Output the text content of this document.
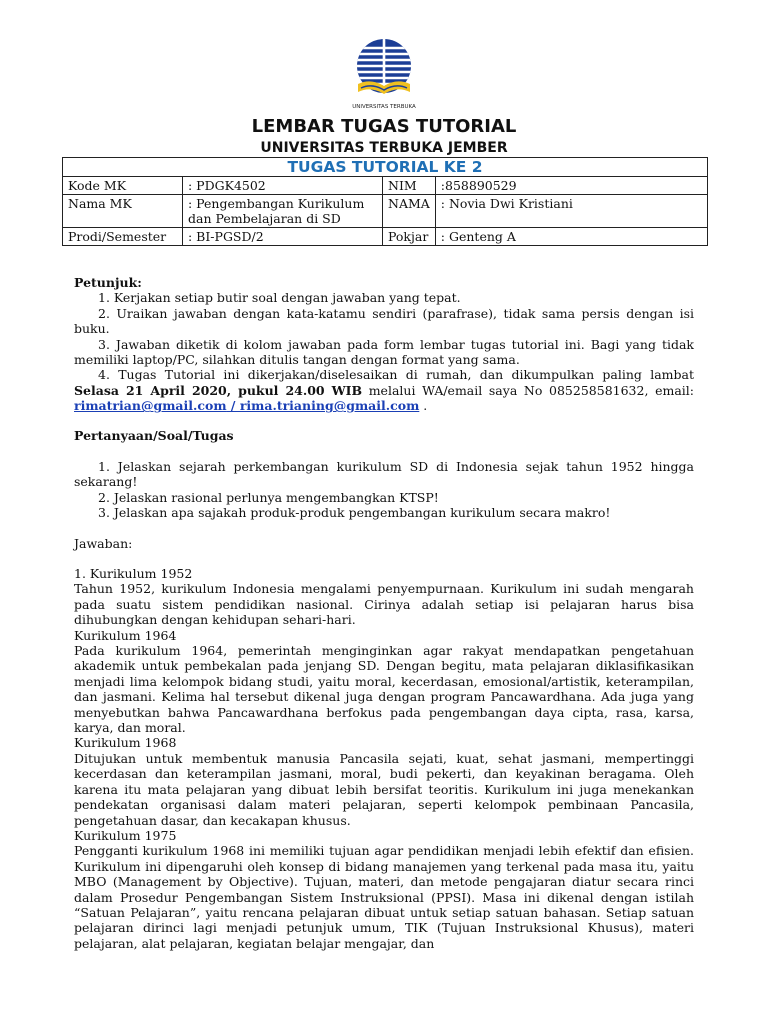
UNIVERSITAS TERBUKA
LEMBAR TUGAS TUTORIAL
UNIVERSITAS TERBUKA JEMBER
TUGAS TUTORIAL KE 2			
Kode MK	: PDGK4502	NIM	:858890529
Nama MK	: Pengembangan Kurikulum dan Pembelajaran di SD	NAMA	: Novia Dwi Kristiani
Prodi/Semester	: BI-PGSD/2	Pokjar	: Genteng A

Petunjuk:

1. Kerjakan setiap butir soal dengan jawaban yang tepat.
2. Uraikan jawaban dengan kata-katamu sendiri (parafrase), tidak sama persis dengan isi buku.
3. Jawaban diketik di kolom jawaban pada form lembar tugas tutorial ini. Bagi yang tidak memiliki laptop/PC, silahkan ditulis tangan dengan format yang sama.
4. Tugas Tutorial ini dikerjakan/diselesaikan di rumah, dan dikumpulkan paling lambat Selasa 21 April 2020, pukul 24.00 WIB melalui WA/email saya No 085258581632, email: rimatrian@gmail.com / rima.trianing@gmail.com .

Pertanyaan/Soal/Tugas

1. Jelaskan sejarah perkembangan kurikulum SD di Indonesia sejak tahun 1952 hingga sekarang!
2. Jelaskan rasional perlunya mengembangkan KTSP!
3. Jelaskan apa sajakah produk-produk pengembangan kurikulum secara makro!

Jawaban:

1. Kurikulum 1952

Tahun 1952, kurikulum Indonesia mengalami penyempurnaan. Kurikulum ini sudah mengarah pada suatu sistem pendidikan nasional. Cirinya adalah setiap isi pelajaran harus bisa dihubungkan dengan kehidupan sehari-hari.

Kurikulum 1964

Pada kurikulum 1964, pemerintah menginginkan agar rakyat mendapatkan pengetahuan akademik untuk pembekalan pada jenjang SD. Dengan begitu, mata pelajaran diklasifikasikan menjadi lima kelompok bidang studi, yaitu moral, kecerdasan, emosional/artistik, keterampilan, dan jasmani. Kelima hal tersebut dikenal juga dengan program Pancawardhana. Ada juga yang menyebutkan bahwa Pancawardhana berfokus pada pengembangan daya cipta, rasa, karsa, karya, dan moral.

Kurikulum 1968

Ditujukan untuk membentuk manusia Pancasila sejati, kuat, sehat jasmani, mempertinggi kecerdasan dan keterampilan jasmani, moral, budi pekerti, dan keyakinan beragama. Oleh karena itu mata pelajaran yang dibuat lebih bersifat teoritis. Kurikulum ini juga menekankan pendekatan organisasi dalam materi pelajaran, seperti kelompok pembinaan Pancasila, pengetahuan dasar, dan kecakapan khusus.

Kurikulum 1975

Pengganti kurikulum 1968 ini memiliki tujuan agar pendidikan menjadi lebih efektif dan efisien. Kurikulum ini dipengaruhi oleh konsep di bidang manajemen yang terkenal pada masa itu, yaitu MBO (Management by Objective). Tujuan, materi, dan metode pengajaran diatur secara rinci dalam Prosedur Pengembangan Sistem Instruksional (PPSI). Masa ini dikenal dengan istilah “Satuan Pelajaran”, yaitu rencana pelajaran dibuat untuk setiap satuan bahasan. Setiap satuan pelajaran dirinci lagi menjadi petunjuk umum, TIK (Tujuan Instruksional Khusus), materi pelajaran, alat pelajaran, kegiatan belajar mengajar, dan
